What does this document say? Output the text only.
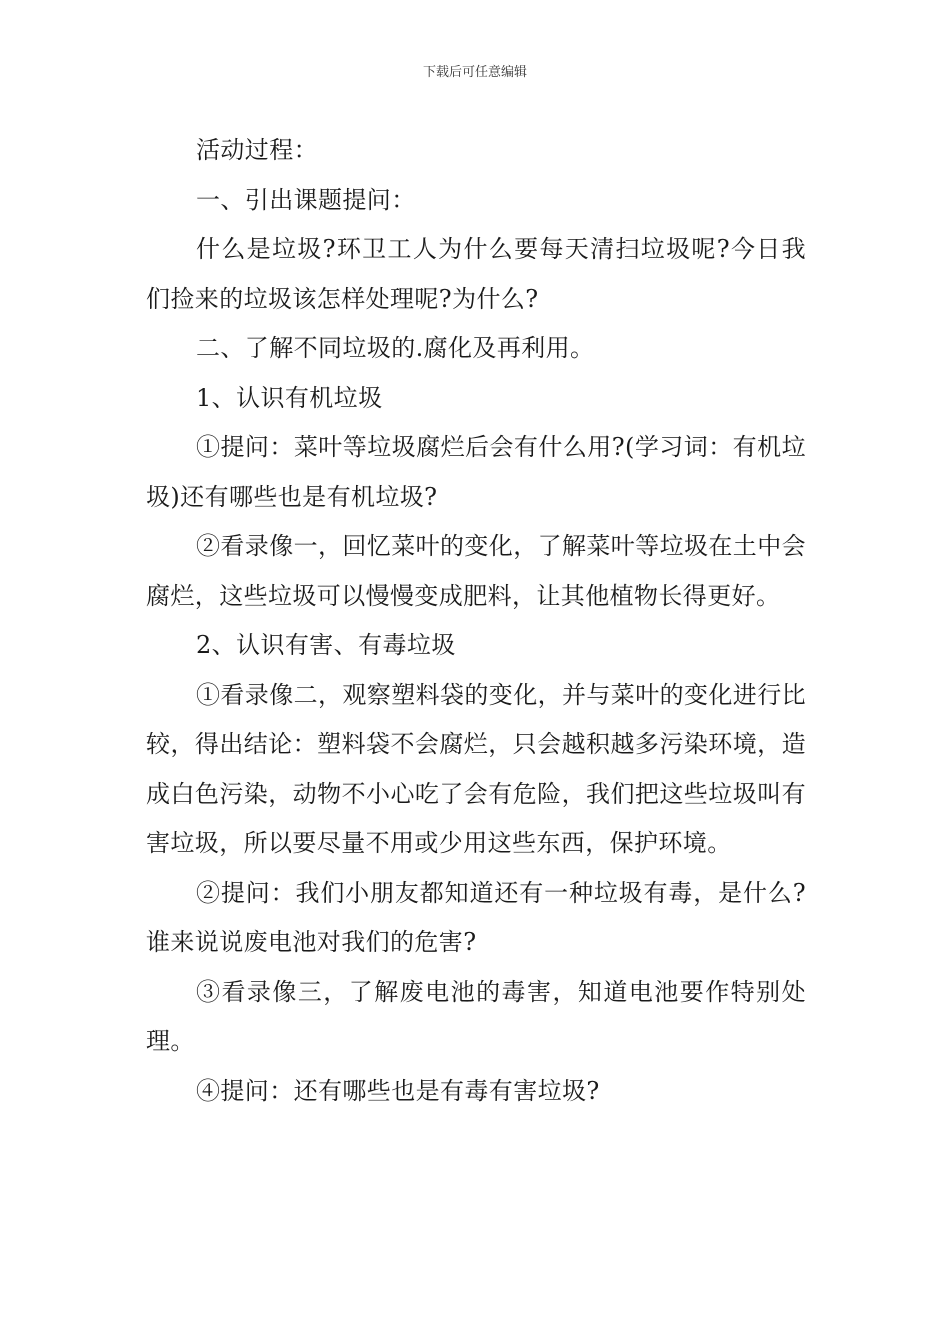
下载后可任意编辑

活动过程：

一、引出课题提问：

什么是垃圾?环卫工人为什么要每天清扫垃圾呢?今日我们捡来的垃圾该怎样处理呢?为什么?

二、了解不同垃圾的.腐化及再利用。

1、认识有机垃圾

①提问：菜叶等垃圾腐烂后会有什么用?(学习词：有机垃圾)还有哪些也是有机垃圾?

②看录像一，回忆菜叶的变化，了解菜叶等垃圾在土中会腐烂，这些垃圾可以慢慢变成肥料，让其他植物长得更好。

2、认识有害、有毒垃圾

①看录像二，观察塑料袋的变化，并与菜叶的变化进行比较，得出结论：塑料袋不会腐烂，只会越积越多污染环境，造成白色污染，动物不小心吃了会有危险，我们把这些垃圾叫有害垃圾，所以要尽量不用或少用这些东西，保护环境。

②提问：我们小朋友都知道还有一种垃圾有毒，是什么?谁来说说废电池对我们的危害?

③看录像三，了解废电池的毒害，知道电池要作特别处理。

④提问：还有哪些也是有毒有害垃圾?
